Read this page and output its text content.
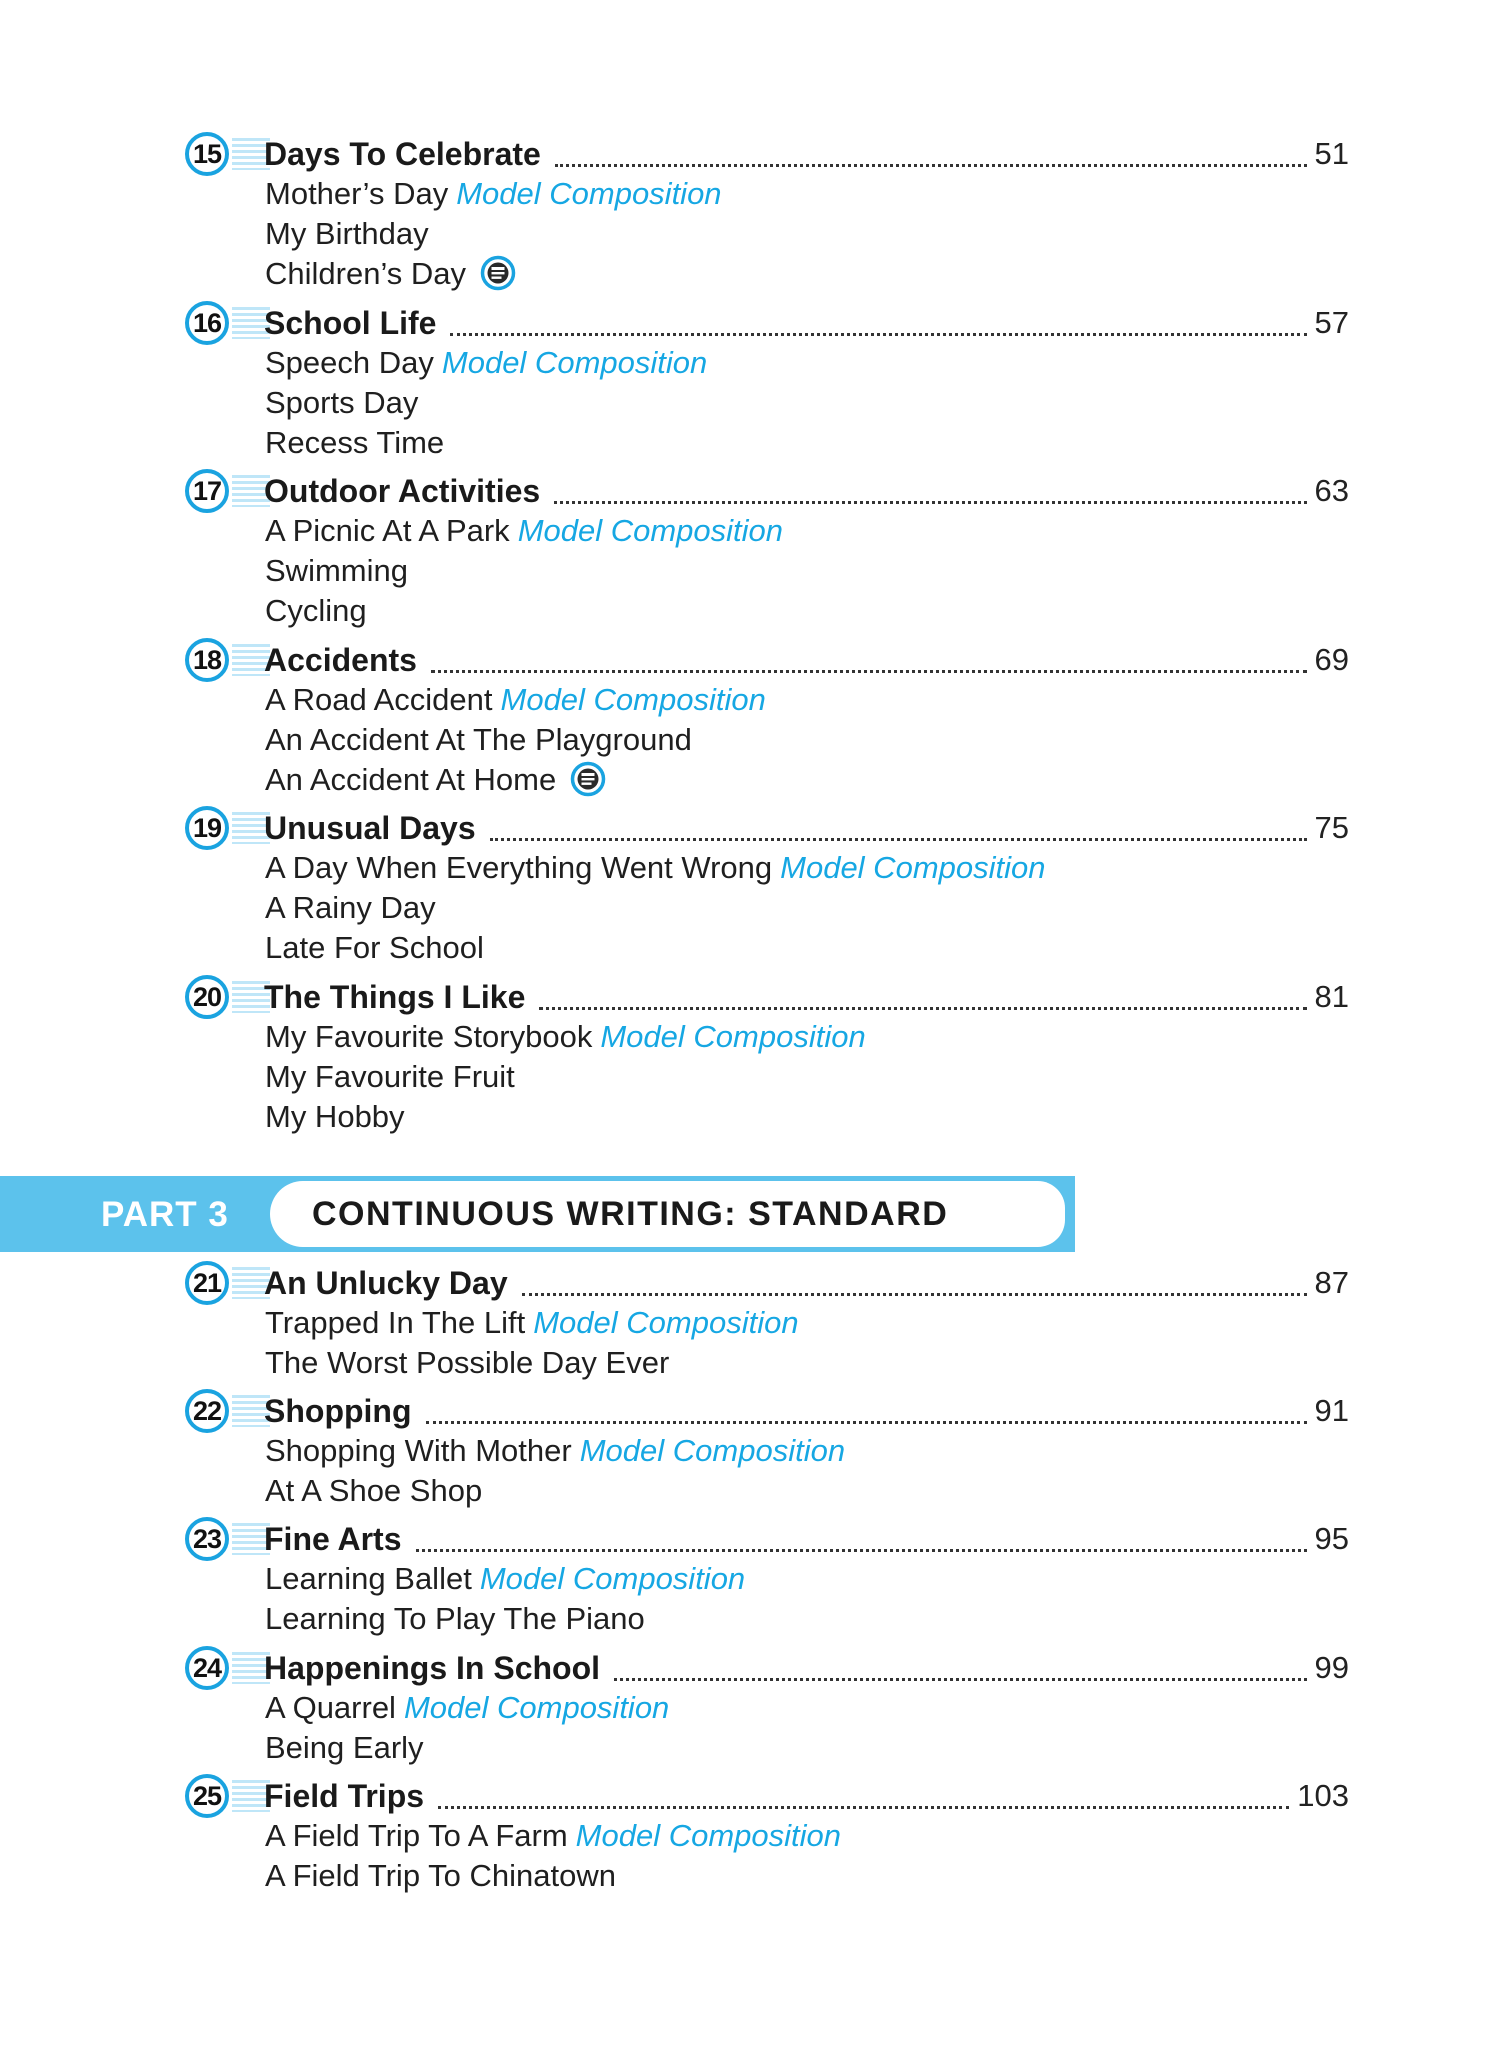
15 Days To Celebrate	51
Mother’s Day Model Composition
My Birthday
Children’s Day
16 School Life	57
Speech Day Model Composition
Sports Day
Recess Time
17 Outdoor Activities	63
A Picnic At A Park Model Composition
Swimming
Cycling
18 Accidents	69
A Road Accident Model Composition
An Accident At The Playground
An Accident At Home
19 Unusual Days	75
A Day When Everything Went Wrong Model Composition
A Rainy Day
Late For School
20 The Things I Like	81
My Favourite Storybook Model Composition
My Favourite Fruit
My Hobby
PART 3 CONTINUOUS WRITING: STANDARD
21 An Unlucky Day	87
Trapped In The Lift Model Composition
The Worst Possible Day Ever
22 Shopping	91
Shopping With Mother Model Composition
At A Shoe Shop
23 Fine Arts	95
Learning Ballet Model Composition
Learning To Play The Piano
24 Happenings In School	99
A Quarrel Model Composition
Being Early
25 Field Trips	103
A Field Trip To A Farm Model Composition
A Field Trip To Chinatown
